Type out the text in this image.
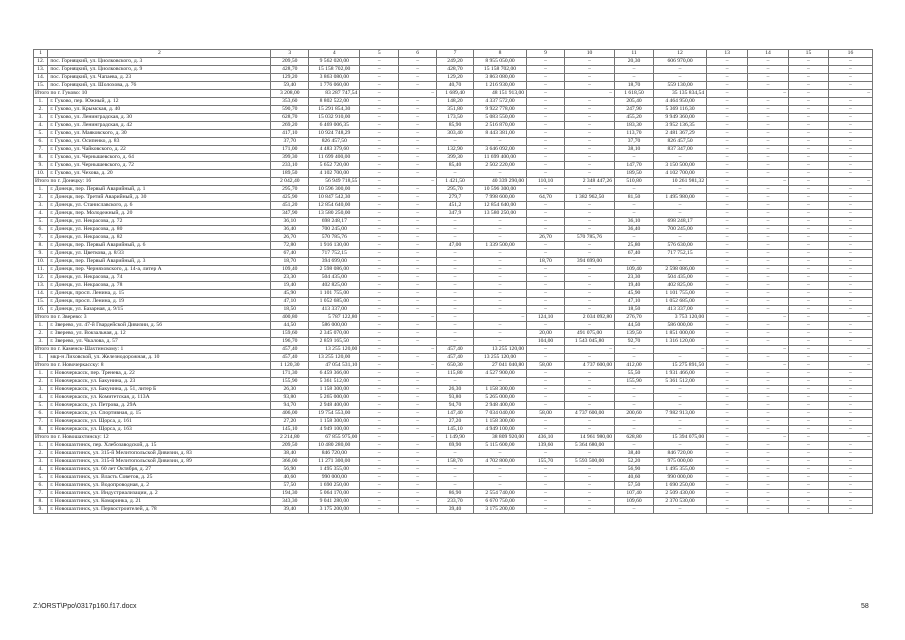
1	2	3	4	5	6	7	8	9	10	11	12	13	14	15	16
12.	пос. Горняцкий, ул. Циолковского, д. 3	209,50	9 562 020,00	–	–	249,20	8 955 050,00	–	–	20,30	606 970,00	–	–	–	–
13.	пос. Горняцкий, ул. Циолковского, д. 9	428,70	15 158 702,00	–	–	428,70	15 158 702,00	–	–	–	–	–	–	–	–
14.	пос. Горняцкий, ул. Чапаева, д. 23	129,20	3 863 080,00	–	–	129,20	3 863 080,00	–	–	–	–	–	–	–	–
15.	пос. Горняцкий, ул. Шолохова, д. 76	59,40	1 776 060,00	–	–	40,70	1 216 930,00	–	–	18,70	559 130,00	–	–	–	–
Итого по г. Гуково: 10		3 208,00	83 287 747,54	–	–	1 689,40	48 151 913,00	–	–	1 618,50	35 135 834,54	–	–	–	–
1.	г. Гуково, пер. Южный, д. 12	353,60	8 802 522,00	–	–	148,20	4 337 572,00	–	–	205,40	4 464 950,00	–	–	–	–
2.	г. Гуково, ул. Крымская, д. 40	590,70	15 291 854,30	–	–	351,80	9 922 778,00	–	–	247,90	5 369 116,30	–	–	–	–
3.	г. Гуково, ул. Ленинградская, д. 30	628,70	15 032 910,00	–	–	173,50	5 083 550,00	–	–	455,20	9 949 360,00	–	–	–	–
4.	г. Гуково, ул. Ленинградская, д. 42	269,20	6 469 006,35	–	–	85,90	2 516 870,00	–	–	183,30	3 952 136,35	–	–	–	–
5.	г. Гуково, ул. Маяковского, д. 30	417,10	10 924 748,29	–	–	303,40	8 443 381,00	–	–	113,70	2 481 367,29	–	–	–	–
6.	г. Гуково, ул. Осипенко, д. 83	37,70	826 457,50	–	–	–	–	–	–	37,70	826 457,50	–	–	–	–
7.	г. Гуково, ул. Чайковского, д. 22	171,00	4 483 379,60	–	–	132,90	3 646 092,00	–	–	38,10	837 347,00	–	–	–	–
8.	г. Гуково, ул. Чернышевского, д. 64	399,30	11 699 400,00	–	–	399,30	11 699 400,00	–	–	–	–	–	–	–	–
9.	г. Гуково, ул. Чернышевского, д. 72	233,10	5 652 720,00	–	–	85,40	2 502 220,00	–	–	147,70	3 150 500,00	–	–	–	–
10.	г. Гуково, ул. Чехова, д. 20	189,50	4 102 700,00	–	–	–	–	–	–	189,50	4 102 700,00	–	–	–	–
Итого по г. Донецку: 16		2 042,40	56 949 718,55	–	–	1 421,50	40 339 290,00	110,10	2 348 447,26	510,80	10 261 981,32	–	–	–	–
1.	г. Донецк, пер. Первый Аварийный, д. 1	295,70	10 596 300,00	–	–	295,70	10 596 300,00	–	–	–	–	–	–	–	–
2.	г. Донецк, пер. Третий Аварийный, д. 30	425,90	10 847 542,30	–	–	279,7	7 998 600,00	64,70	1 382 962,50	81,50	1 495 980,00	–	–	–	–
3.	г. Донецк, ул. Станиславского, д. 6	451,20	12 854 640,00	–	–	451,2	12 854 640,00	–	–	–	–	–	–	–	–
4.	г. Донецк, пер. Молодежный, д. 20	347,90	13 580 250,00	–	–	347,9	13 580 250,00	–	–	–	–	–	–	–	–
5.	г. Донецк, ул. Некрасова, д. 72	36,10	698 248,17	–	–	–	–	–	–	36,10	698 248,17	–	–	–	–
6.	г. Донецк, ул. Некрасова, д. 80	36,40	700 245,00	–	–	–	–	–	–	36,40	700 245,00	–	–	–	–
7.	г. Донецк, ул. Некрасова, д. 82	26,70	570 785,76	–	–	–	–	26,70	570 785,76	–	–	–	–	–	–
8.	г. Донецк, пер. Первый Аварийный, д. 6	72,80	1 916 130,00	–	–	47,00	1 339 500,00	–	–	25,80	576 630,00	–	–	–	–
9.	г. Донецк, ул. Цветкова, д. 8/33	67,40	717 752,15	–	–	–	–	–	–	67,40	717 752,15	–	–	–	–
10.	г. Донецк, пер. Первый Аварийный, д. 3	18,70	394 699,00	–	–	–	–	18,70	394 699,00	–	–	–	–	–	–
11.	г. Донецк, пер. Черняховского, д. 14-а, литер А	109,40	2 598 086,00	–	–	–	–	–	–	109,40	2 598 086,00	–	–	–	–
12.	г. Донецк, ул. Некрасова, д. 74	23,30	504 435,00	–	–	–	–	–	–	23,30	504 435,00	–	–	–	–
13.	г. Донецк, ул. Некрасова, д. 78	19,40	402 825,00	–	–	–	–	–	–	19,40	402 825,00	–	–	–	–
14.	г. Донецк, просп. Ленина, д. 15	45,90	1 101 755,00	–	–	–	–	–	–	45,90	1 101 755,00	–	–	–	–
15.	г. Донецк, просп. Ленина, д. 19	47,10	1 052 685,00	–	–	–	–	–	–	47,10	1 052 685,00	–	–	–	–
16.	г. Донецк, ул. Базарная, д. 9/15	18,50	413 337,00	–	–	–	–	–	–	18,50	413 337,00	–	–	–	–
Итого по г. Зверево: 3		400,80	5 787 122,80	–	–	–	–	124,10	2 034 092,80	276,70	3 753 120,00	–	–	–	–
1.	г. Зверево, ул. 47-й Гвардейской Дивизии, д. 56	44,50	586 000,00	–	–	–	–	–	–	44,50	586 000,00	–	–	–	–
2.	г. Зверево, ул. Вокзальная, д. 12	159,60	2 345 070,00	–	–	–	–	20,00	491 075,00	139,50	1 851 000,00	–	–	–	–
3.	г. Зверево, ул. Чкалова, д. 57	196,70	2 859 165,50	–	–	–	–	104,00	1 543 045,80	92,70	1 316 120,00	–	–	–	–
Итого по г. Каменск-Шахтинскому: 1		457,40	13 255 120,00	–	–	457,40	13 255 120,00	–	–	–	–	–	–	–	–
1.	мкр-н Лиховской, ул. Железнодорожная, д. 10	457,40	13 255 120,00	–	–	457,40	13 255 120,00	–	–	–	–	–	–	–	–
Итого по г. Новочеркасску: 8		1 120,30	47 054 531,10	–	–	650,30	27 041 040,80	58,00	4 737 600,00	412,00	15 275 891,50	–	–	–	–
1.	г. Новочеркасск, пер. Треневa, д. 22	171,30	6 459 366,00	–	–	115,80	4 527 900,00	–	–	55,50	1 931 466,00	–	–	–	–
2.	г. Новочеркасск, ул. Бакунина, д. 23	155,90	5 361 512,00	–	–	–	–	–	–	155,90	5 361 512,00	–	–	–	–
3.	г. Новочеркасск, ул. Бакунина, д. 51, литер Б	26,30	1 158 300,00	–	–	26,30	1 158 300,00	–	–	–	–	–	–	–	–
4.	г. Новочеркасск, ул. Комитетская, д. 113А	93,80	5 265 000,00	–	–	93,80	5 265 000,00	–	–	–	–	–	–	–	–
5.	г. Новочеркасск, ул. Петрова, д. 29А	94,70	2 948 400,00	–	–	94,70	2 948 400,00	–	–	–	–	–	–	–	–
6.	г. Новочеркасск, ул. Спортивная, д. 15	406,00	19 754 553,00	–	–	147,40	7 034 040,00	58,00	4 737 600,00	200,60	7 982 913,00	–	–	–	–
7.	г. Новочеркасск, ул. Щорса, д. 161	27,20	1 158 300,00	–	–	27,20	1 158 300,00	–	–	–	–	–	–	–	–
8.	г. Новочеркасск, ул. Щорса, д. 163	145,10	4 949 100,00	–	–	145,10	4 949 100,00	–	–	–	–	–	–	–	–
Итого по г. Новошахтинску: 12		2 214,80	67 855 975,00	–	–	1 149,90	38 809 920,00	436,10	14 961 980,00	628,80	15 394 075,00	–	–	–	–
1.	г. Новошахтинск, пер. Хлебозаводской, д. 15	209,50	10 480 280,00	–	–	69,90	5 115 600,00	139,60	5 364 680,00	–	–	–	–	–	–
2.	г. Новошахтинск, ул. 315-й Мелитопольской Дивизии, д. 83	38,40	846 720,00	–	–	–	–	–	–	38,40	846 720,00	–	–	–	–
3.	г. Новошахтинск, ул. 315-й Мелитопольской Дивизии, д. 89	366,00	11 271 300,00	–	–	158,70	4 702 800,00	155,70	5 593 500,00	52,20	975 000,00	–	–	–	–
4.	г. Новошахтинск, ул. 60 лет Октября, д. 27	56,90	1 495 355,00	–	–	–	–	–	–	56,90	1 495 355,00	–	–	–	–
5.	г. Новошахтинск, ул. Власть Советов, д. 25	40,60	990 000,00	–	–	–	–	–	–	40,60	990 000,00	–	–	–	–
6.	г. Новошахтинск, ул. Водопроводная, д. 2	57,50	1 690 250,00	–	–	–	–	–	–	57,50	1 690 250,00	–	–	–	–
7.	г. Новошахтинск, ул. Индустриализации, д. 2	194,30	5 064 170,00	–	–	86,90	2 554 740,00	–	–	107,40	2 509 430,00	–	–	–	–
8.	г. Новошахтинск, ул. Комаринка, д. 21	343,30	9 041 280,00	–	–	233,70	6 670 750,00	–	–	109,60	2 370 530,00	–	–	–	–
9.	г. Новошахтинск, ул. Первостроителей, д. 78	39,40	3 175 200,00	–	–	39,40	3 175 200,00	–	–	–	–	–	–	–	–
Z:\ORST\Ppo\0317p160.f17.docx	58
